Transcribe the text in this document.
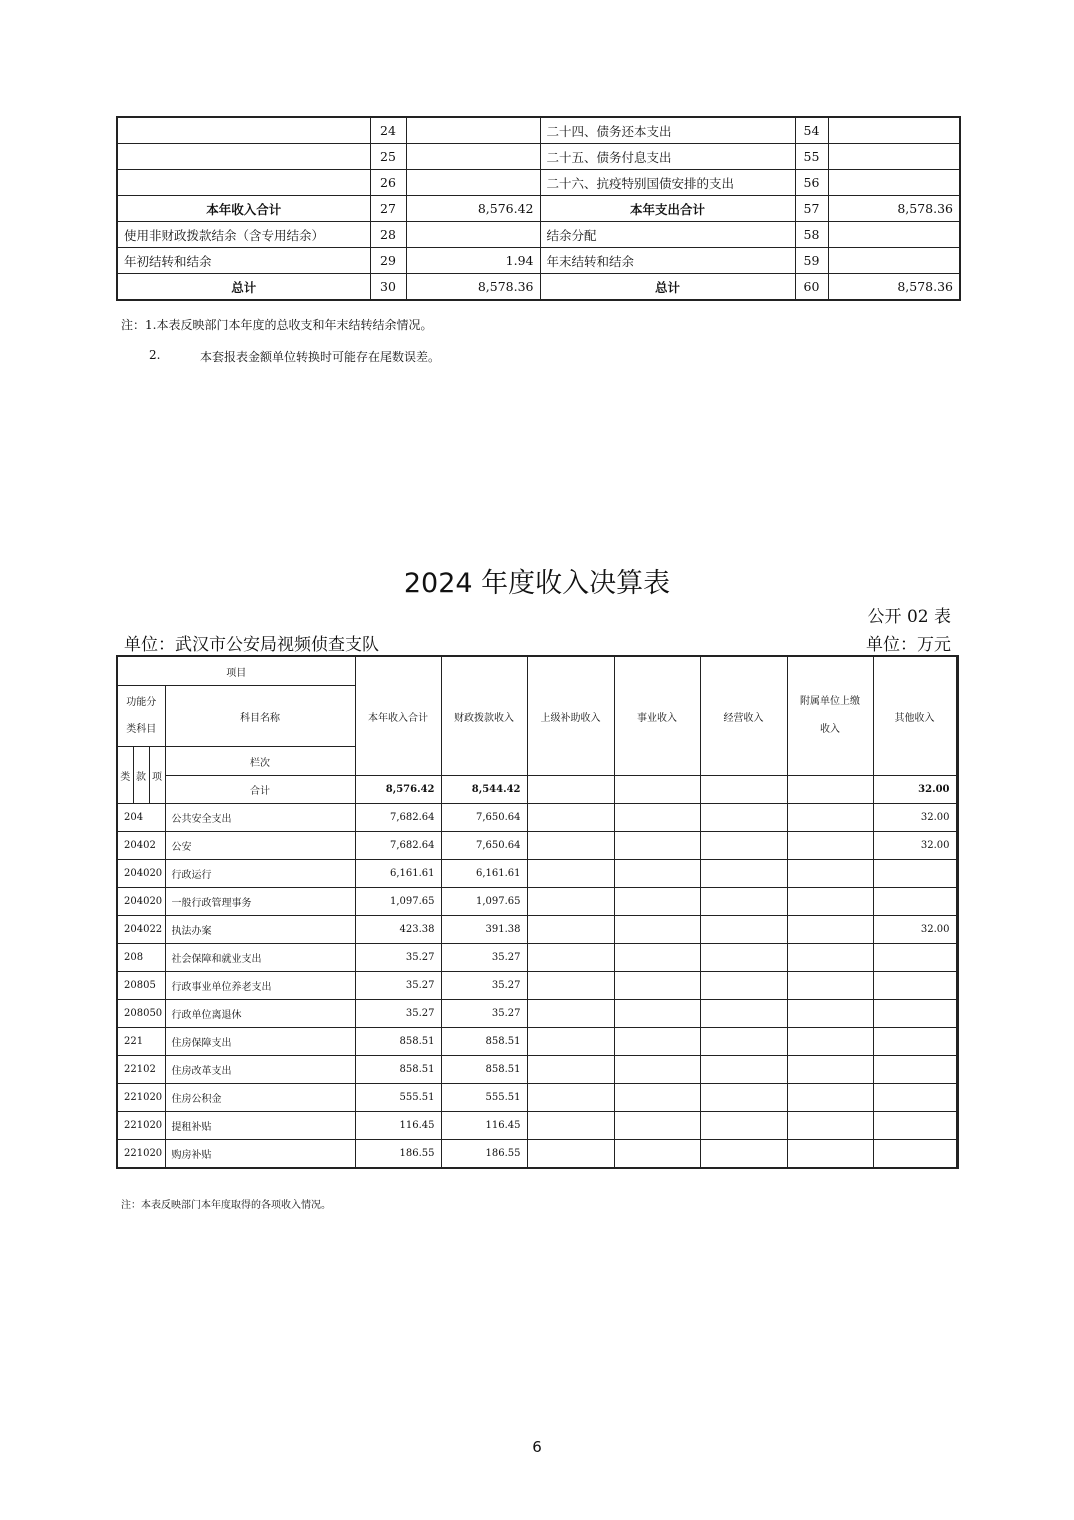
	24		二十四、债务还本支出	54	
	25		二十五、债务付息支出	55	
	26		二十六、抗疫特别国债安排的支出	56	
本年收入合计	27	8,576.42	本年支出合计	57	8,578.36
使用非财政拨款结余（含专用结余）	28		结余分配	58	
年初结转和结余	29	1.94	年末结转和结余	59	
总计	30	8,578.36	总计	60	8,578.36
注：1.本表反映部门本年度的总收支和年末结转结余情况。
2.	本套报表金额单位转换时可能存在尾数误差。
2024 年度收入决算表
公开 02 表
单位：武汉市公安局视频侦查支队	单位：万元
项目				本年收入合计	财政拨款收入	上级补助收入	事业收入	经营收入	附属单位上缴收入	其他收入		
功能分类科目			科目名称									
类	款	项	栏次							
			合计	8,576.42	8,544.42					32.00		
204			公共安全支出	7,682.64	7,650.64					32.00		
20402			公安	7,682.64	7,650.64					32.00		
204020			行政运行	6,161.61	6,161.61							
204020			一般行政管理事务	1,097.65	1,097.65							
204022			执法办案	423.38	391.38					32.00		
208			社会保障和就业支出	35.27	35.27							
20805			行政事业单位养老支出	35.27	35.27							
208050			行政单位离退休	35.27	35.27							
221			住房保障支出	858.51	858.51							
22102			住房改革支出	858.51	858.51							
221020			住房公积金	555.51	555.51							
221020			提租补贴	116.45	116.45							
221020			购房补贴	186.55	186.55							
注：本表反映部门本年度取得的各项收入情况。
6
